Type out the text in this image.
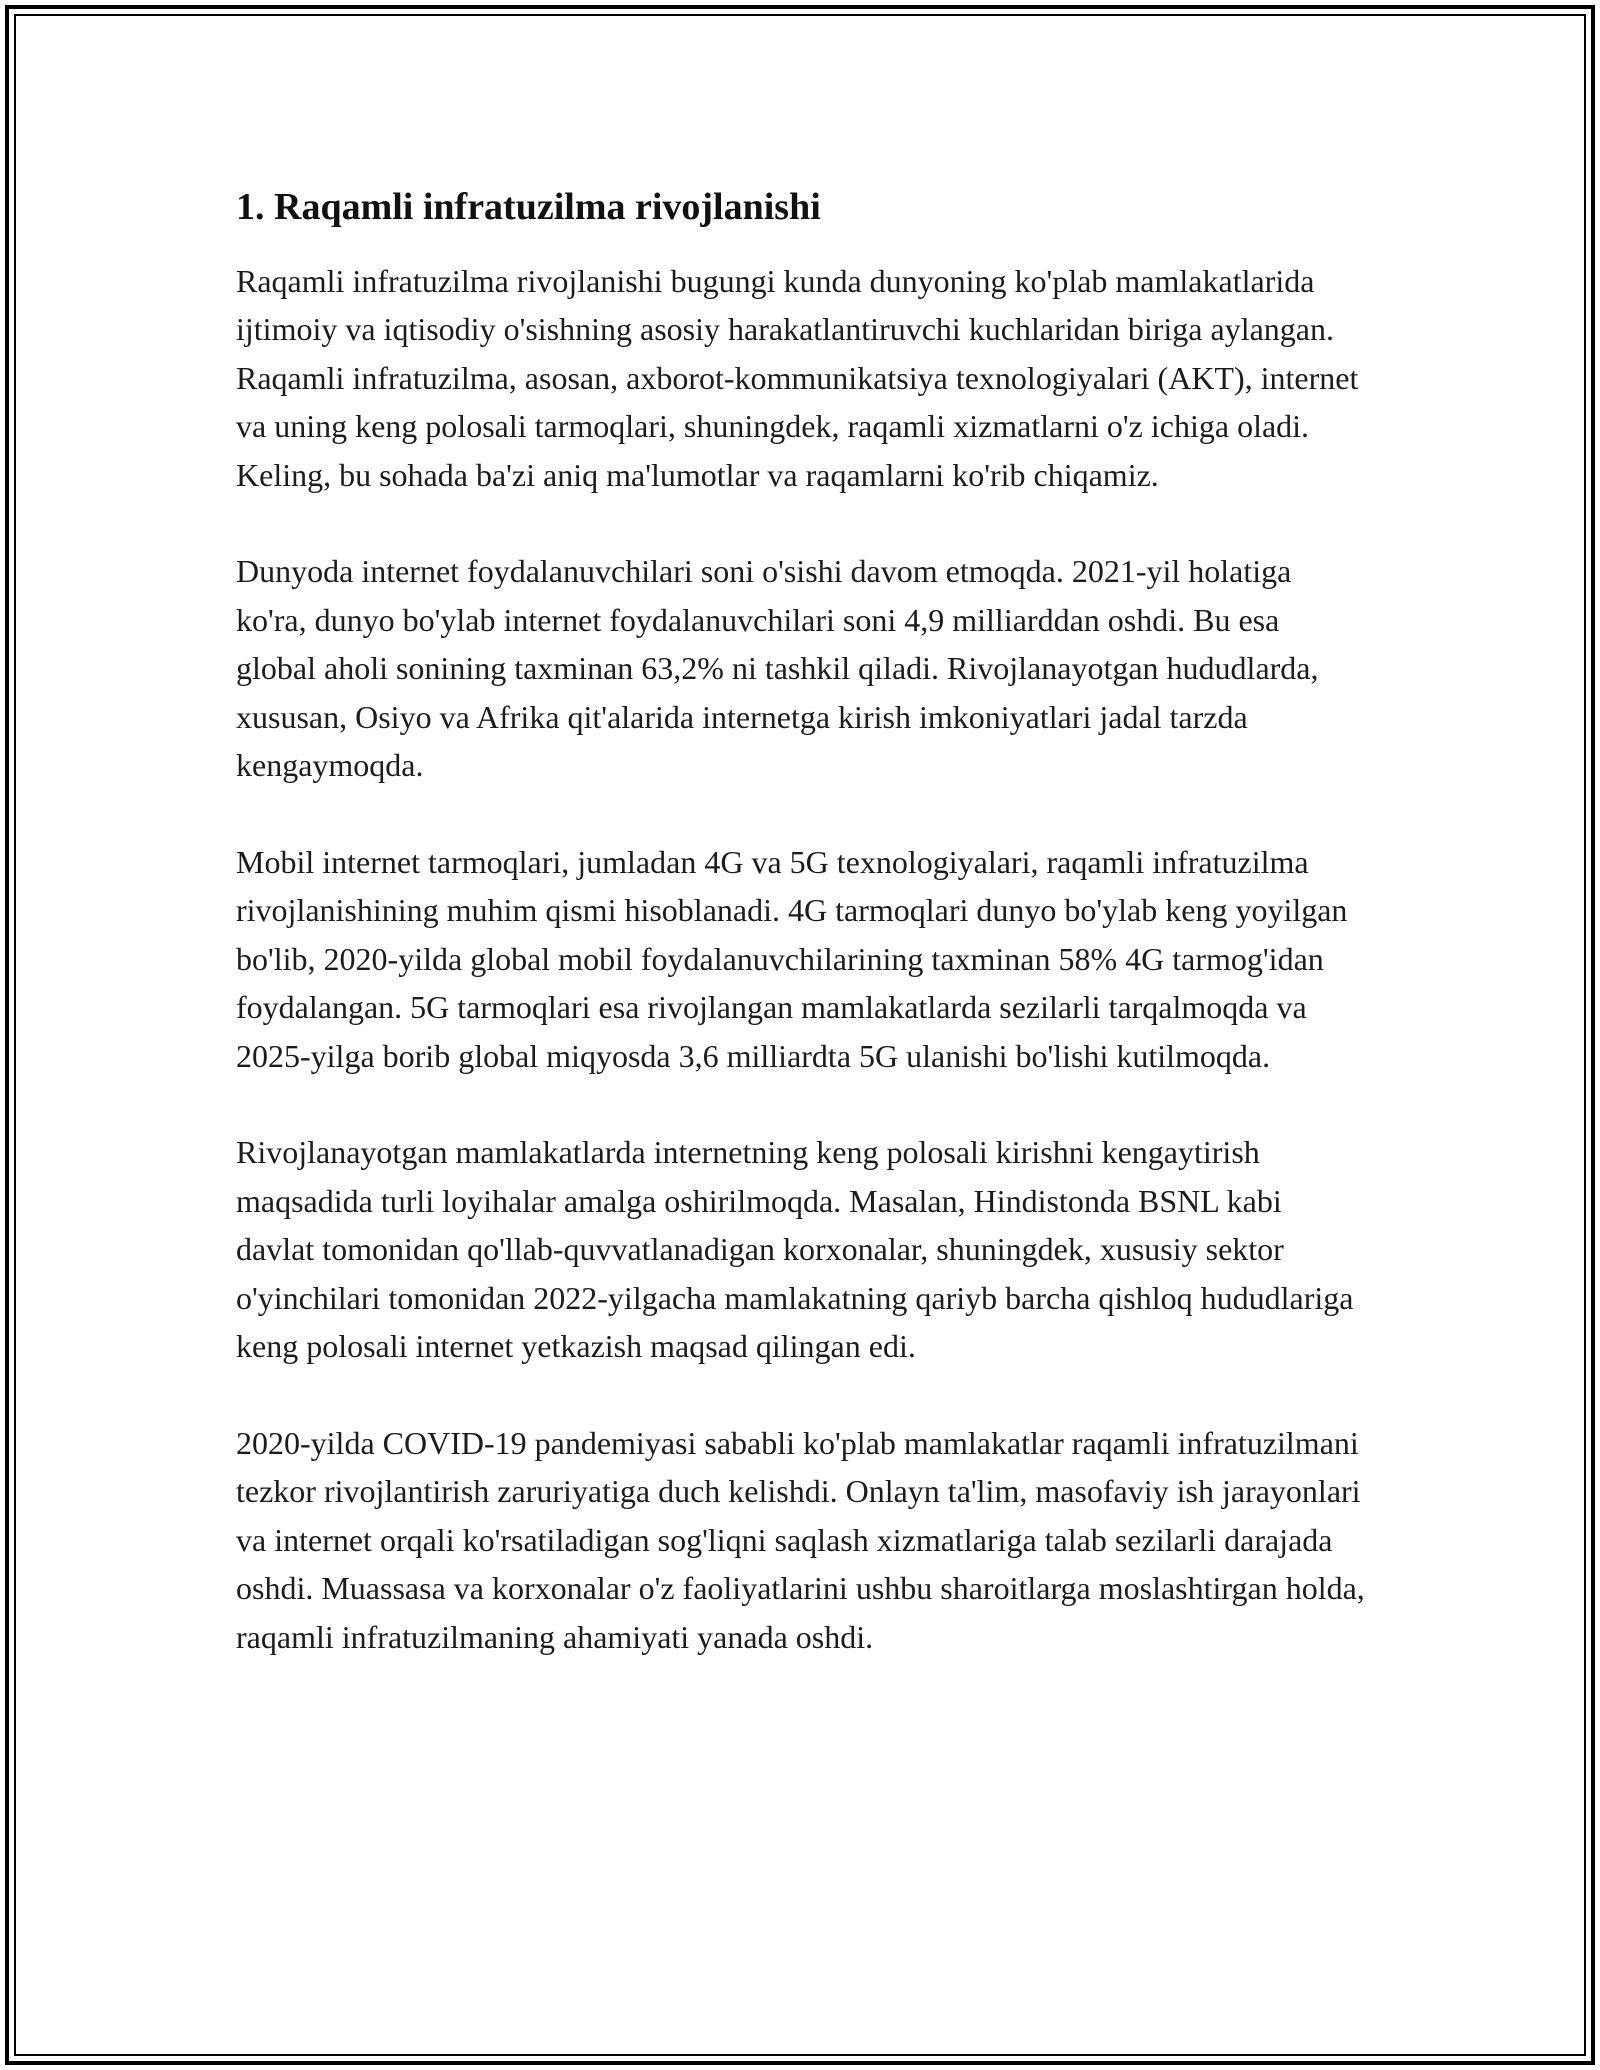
1. Raqamli infratuzilma rivojlanishi

Raqamli infratuzilma rivojlanishi bugungi kunda dunyoning ko'plab mamlakatlarida ijtimoiy va iqtisodiy o'sishning asosiy harakatlantiruvchi kuchlaridan biriga aylangan. Raqamli infratuzilma, asosan, axborot-kommunikatsiya texnologiyalari (AKT), internet va uning keng polosali tarmoqlari, shuningdek, raqamli xizmatlarni o'z ichiga oladi. Keling, bu sohada ba'zi aniq ma'lumotlar va raqamlarni ko'rib chiqamiz.

Dunyoda internet foydalanuvchilari soni o'sishi davom etmoqda. 2021-yil holatiga ko'ra, dunyo bo'ylab internet foydalanuvchilari soni 4,9 milliarddan oshdi. Bu esa global aholi sonining taxminan 63,2% ni tashkil qiladi. Rivojlanayotgan hududlarda, xususan, Osiyo va Afrika qit'alarida internetga kirish imkoniyatlari jadal tarzda kengaymoqda.

Mobil internet tarmoqlari, jumladan 4G va 5G texnologiyalari, raqamli infratuzilma rivojlanishining muhim qismi hisoblanadi. 4G tarmoqlari dunyo bo'ylab keng yoyilgan bo'lib, 2020-yilda global mobil foydalanuvchilarining taxminan 58% 4G tarmog'idan foydalangan. 5G tarmoqlari esa rivojlangan mamlakatlarda sezilarli tarqalmoqda va 2025-yilga borib global miqyosda 3,6 milliardta 5G ulanishi bo'lishi kutilmoqda.

Rivojlanayotgan mamlakatlarda internetning keng polosali kirishni kengaytirish maqsadida turli loyihalar amalga oshirilmoqda. Masalan, Hindistonda BSNL kabi davlat tomonidan qo'llab-quvvatlanadigan korxonalar, shuningdek, xususiy sektor o'yinchilari tomonidan 2022-yilgacha mamlakatning qariyb barcha qishloq hududlariga keng polosali internet yetkazish maqsad qilingan edi.

2020-yilda COVID-19 pandemiyasi sababli ko'plab mamlakatlar raqamli infratuzilmani tezkor rivojlantirish zaruriyatiga duch kelishdi. Onlayn ta'lim, masofaviy ish jarayonlari va internet orqali ko'rsatiladigan sog'liqni saqlash xizmatlariga talab sezilarli darajada oshdi. Muassasa va korxonalar o'z faoliyatlarini ushbu sharoitlarga moslashtirgan holda, raqamli infratuzilmaning ahamiyati yanada oshdi.
